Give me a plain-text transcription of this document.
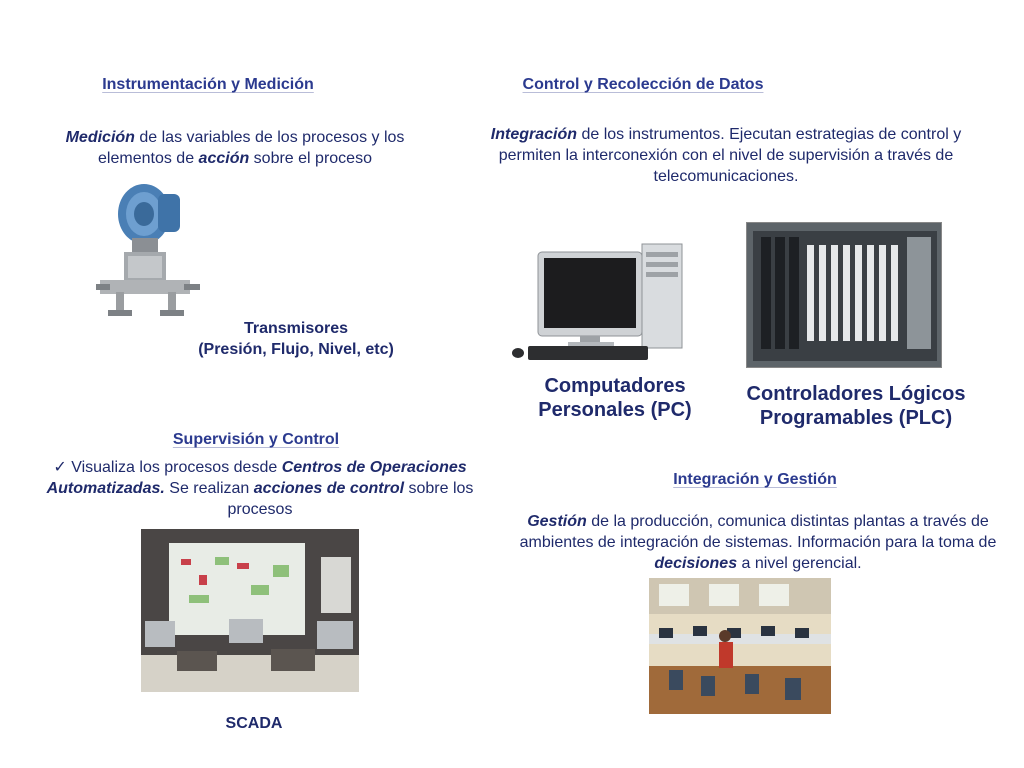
Instrumentación y Medición
Medición de las variables de los procesos y los elementos de acción sobre el proceso
Transmisores
(Presión, Flujo, Nivel, etc)
Control y Recolección de Datos
Integración de los instrumentos. Ejecutan estrategias de control y permiten la interconexión con el nivel de supervisión a través de telecomunicaciones.
Computadores
Personales (PC)
Controladores Lógicos
Programables (PLC)
Supervisión y Control
✓ Visualiza los procesos desde Centros de Operaciones Automatizadas. Se realizan acciones de control sobre los procesos
SCADA
Integración y Gestión
Gestión de la producción, comunica distintas plantas a través de ambientes de integración de sistemas. Información para la toma de decisiones a nivel gerencial.
